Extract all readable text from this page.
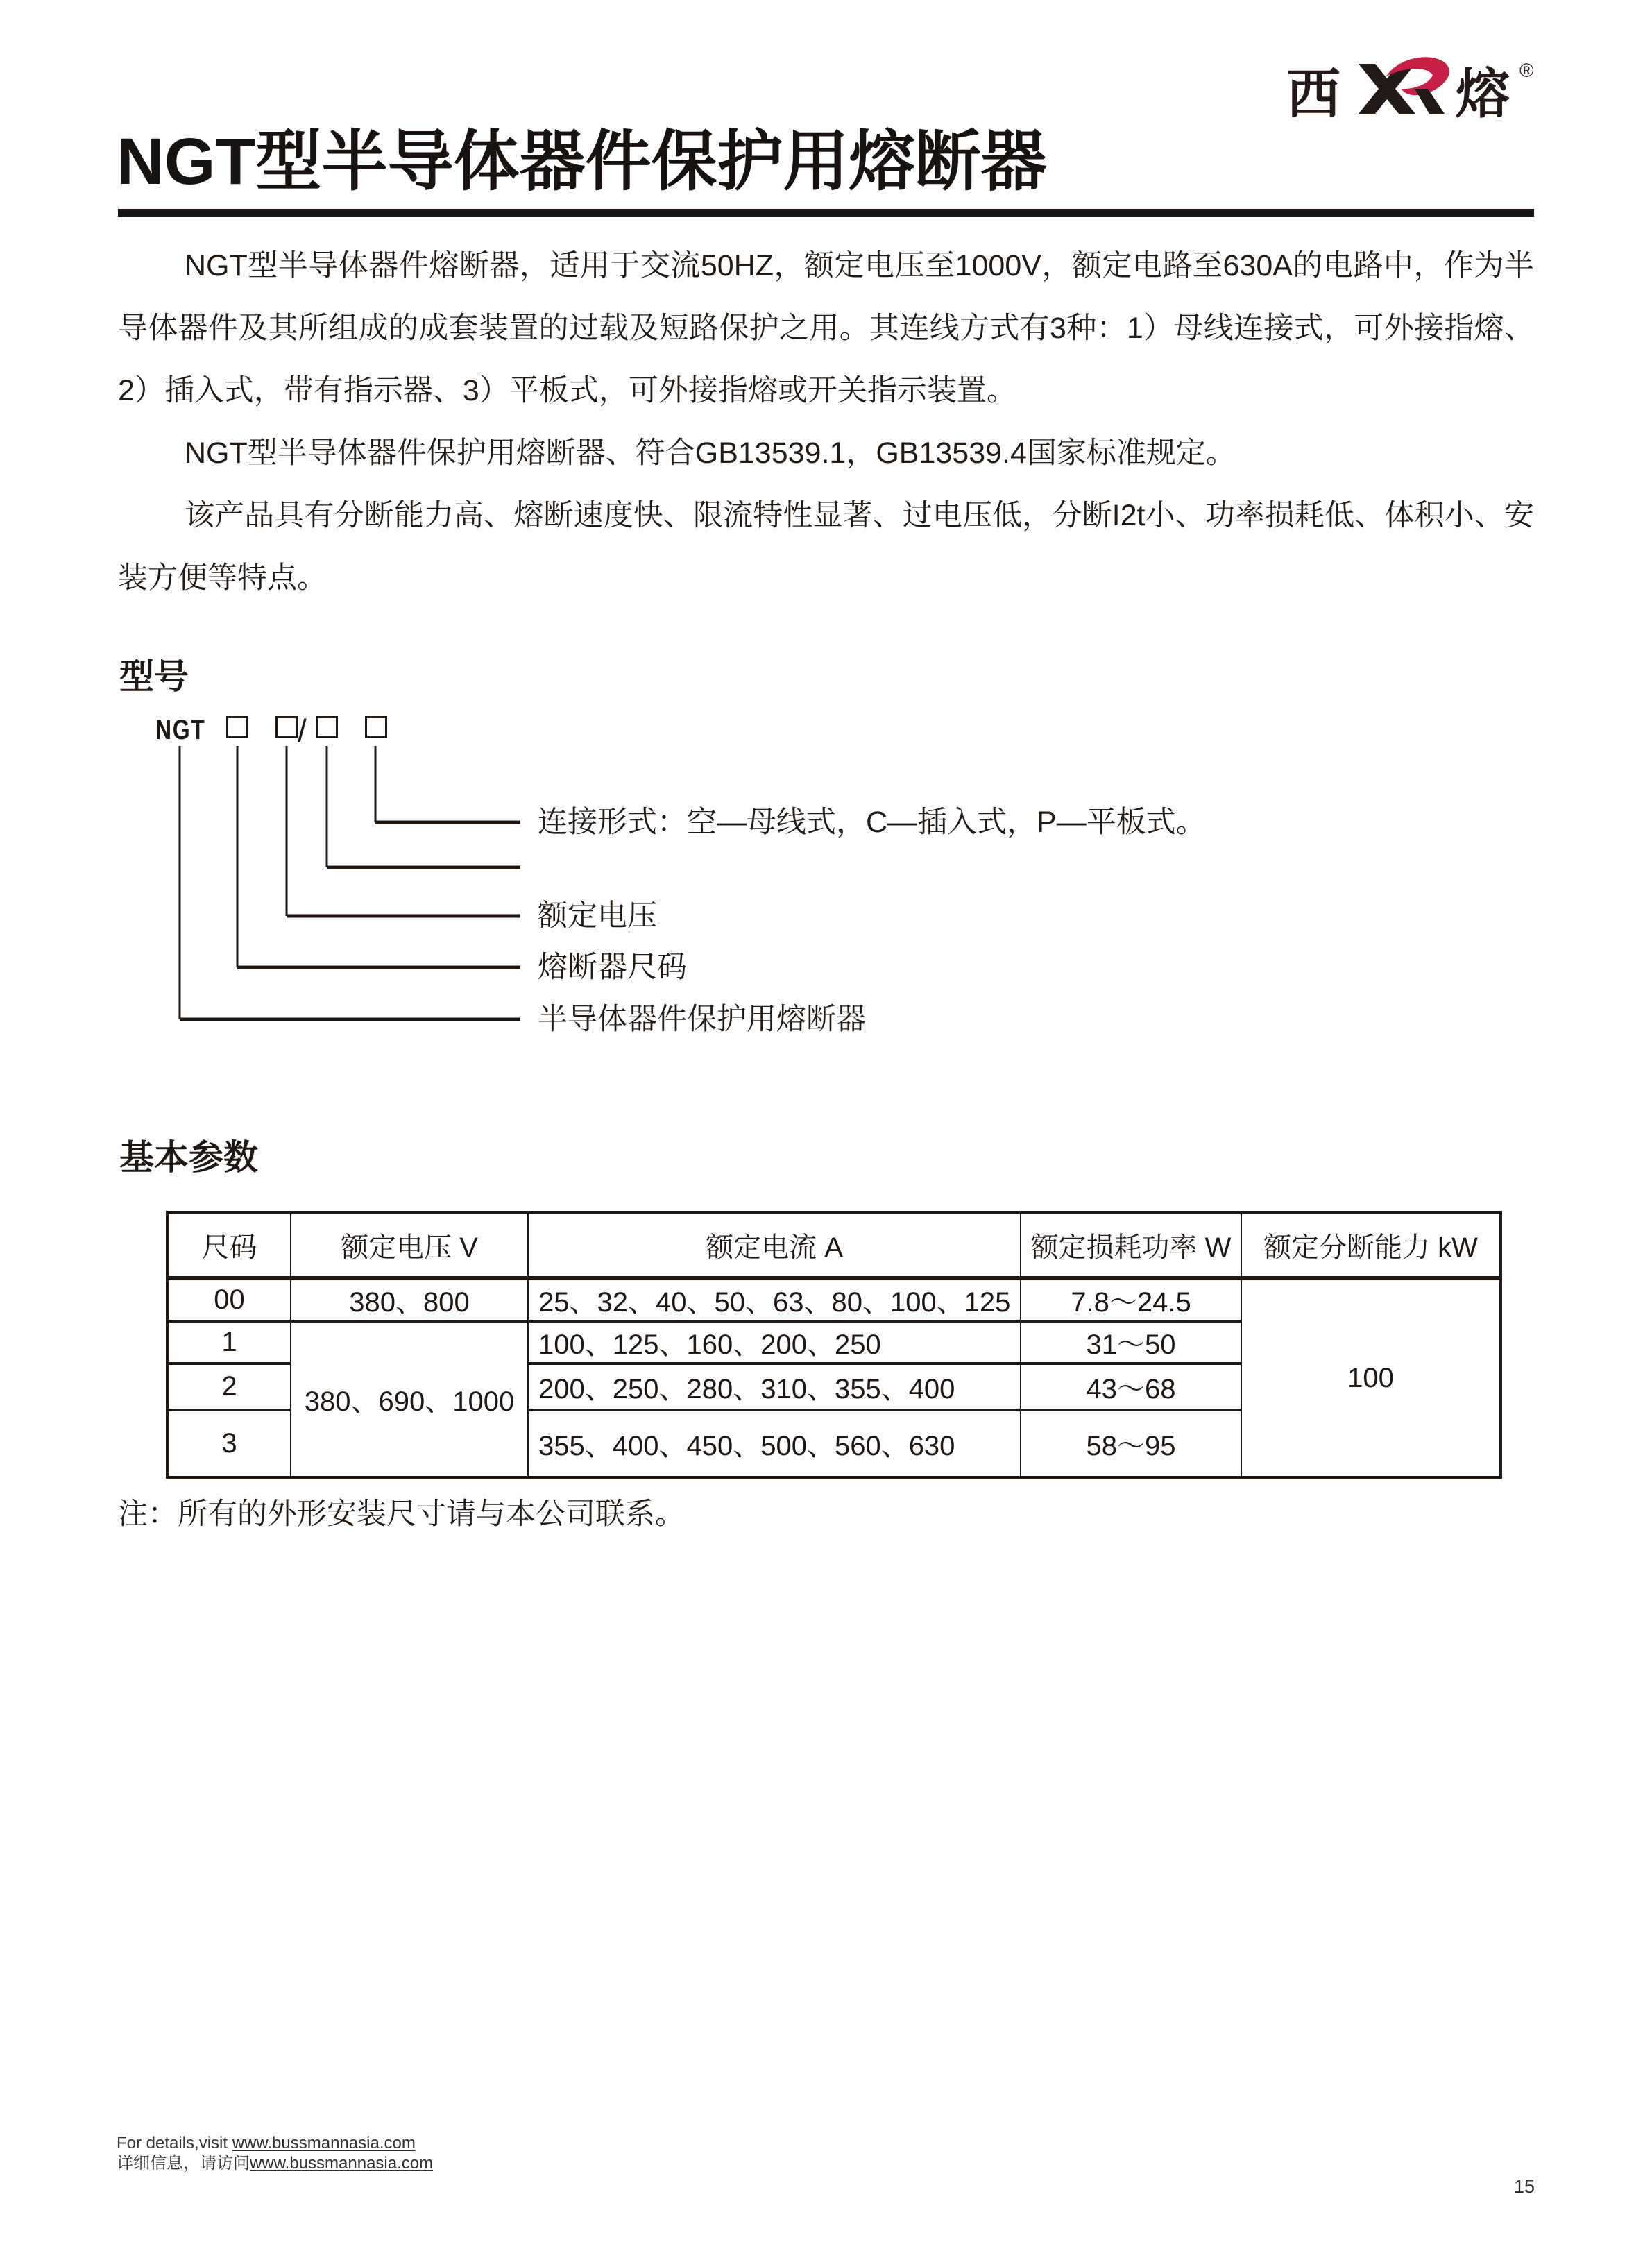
西 熔 ®
NGT型半导体器件保护用熔断器

NGT型半导体器件熔断器，适用于交流50HZ，额定电压至1000V，额定电路至630A的电路中，作为半导体器件及其所组成的成套装置的过载及短路保护之用。其连线方式有3种：1）母线连接式，可外接指熔、2）插入式，带有指示器、3）平板式，可外接指熔或开关指示装置。

NGT型半导体器件保护用熔断器、符合GB13539.1，GB13539.4国家标准规定。

该产品具有分断能力高、熔断速度快、限流特性显著、过电压低，分断I2t小、功率损耗低、体积小、安装方便等特点。

型号
NGT	/
连接形式：空—母线式，C—插入式，P—平板式。
额定电压
熔断器尺码
半导体器件保护用熔断器
基本参数
尺码	额定电压 V	额定电流 A	额定损耗功率 W	额定分断能力 kW
00	380、800	25、32、40、50、63、80、100、125	7.8～24.5	100
1	380、690、1000	100、125、160、200、250	31～50	
2		200、250、280、310、355、400	43～68	
3		355、400、450、500、560、630	58～95	
注：所有的外形安装尺寸请与本公司联系。
For details,visit www.bussmannasia.com
详细信息，请访问www.bussmannasia.com
15
